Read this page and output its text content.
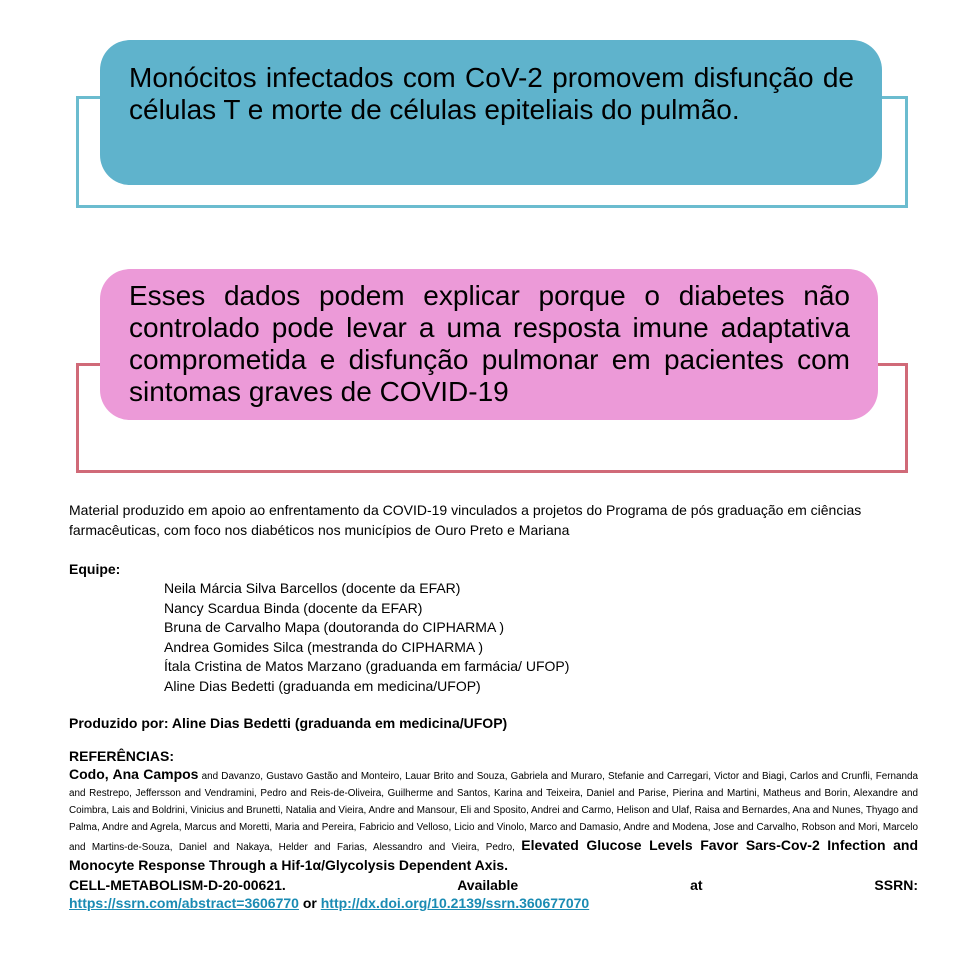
Monócitos infectados com CoV-2 promovem disfunção de células T e morte de células epiteliais do pulmão.

Esses dados podem explicar porque o diabetes não controlado pode levar a uma resposta imune adaptativa comprometida e disfunção pulmonar em pacientes com sintomas graves de COVID-19

Material produzido em apoio ao enfrentamento da COVID-19 vinculados a projetos do Programa de pós graduação em ciências farmacêuticas, com foco nos diabéticos nos municípios de Ouro Preto e Mariana

Equipe:

Neila Márcia Silva Barcellos (docente da EFAR)
Nancy Scardua Binda (docente da EFAR)
Bruna de Carvalho Mapa (doutoranda do CIPHARMA )
Andrea Gomides Silca (mestranda do CIPHARMA )
Ítala Cristina de Matos Marzano (graduanda em farmácia/ UFOP)
Aline Dias Bedetti (graduanda em medicina/UFOP)

Produzido por: Aline Dias Bedetti (graduanda em medicina/UFOP)

REFERÊNCIAS:

Codo, Ana Campos and Davanzo, Gustavo Gastão and Monteiro, Lauar Brito and Souza, Gabriela and Muraro, Stefanie and Carregari, Victor and Biagi, Carlos and Crunfli, Fernanda and Restrepo, Jeffersson and Vendramini, Pedro and Reis-de-Oliveira, Guilherme and Santos, Karina and Teixeira, Daniel and Parise, Pierina and Martini, Matheus and Borin, Alexandre and Coimbra, Lais and Boldrini, Vinicius and Brunetti, Natalia and Vieira, Andre and Mansour, Eli and Sposito, Andrei and Carmo, Helison and Ulaf, Raisa and Bernardes, Ana and Nunes, Thyago and Palma, Andre and Agrela, Marcus and Moretti, Maria and Pereira, Fabricio and Velloso, Licio and Vinolo, Marco and Damasio, Andre and Modena, Jose and Carvalho, Robson and Mori, Marcelo and Martins-de-Souza, Daniel and Nakaya, Helder and Farias, Alessandro and Vieira, Pedro, Elevated Glucose Levels Favor Sars-Cov-2 Infection and Monocyte Response Through a Hif-1α/Glycolysis Dependent Axis.

CELL-METABOLISM-D-20-00621.	Available at SSRN:
https://ssrn.com/abstract=3606770 or http://dx.doi.org/10.2139/ssrn.360677070
